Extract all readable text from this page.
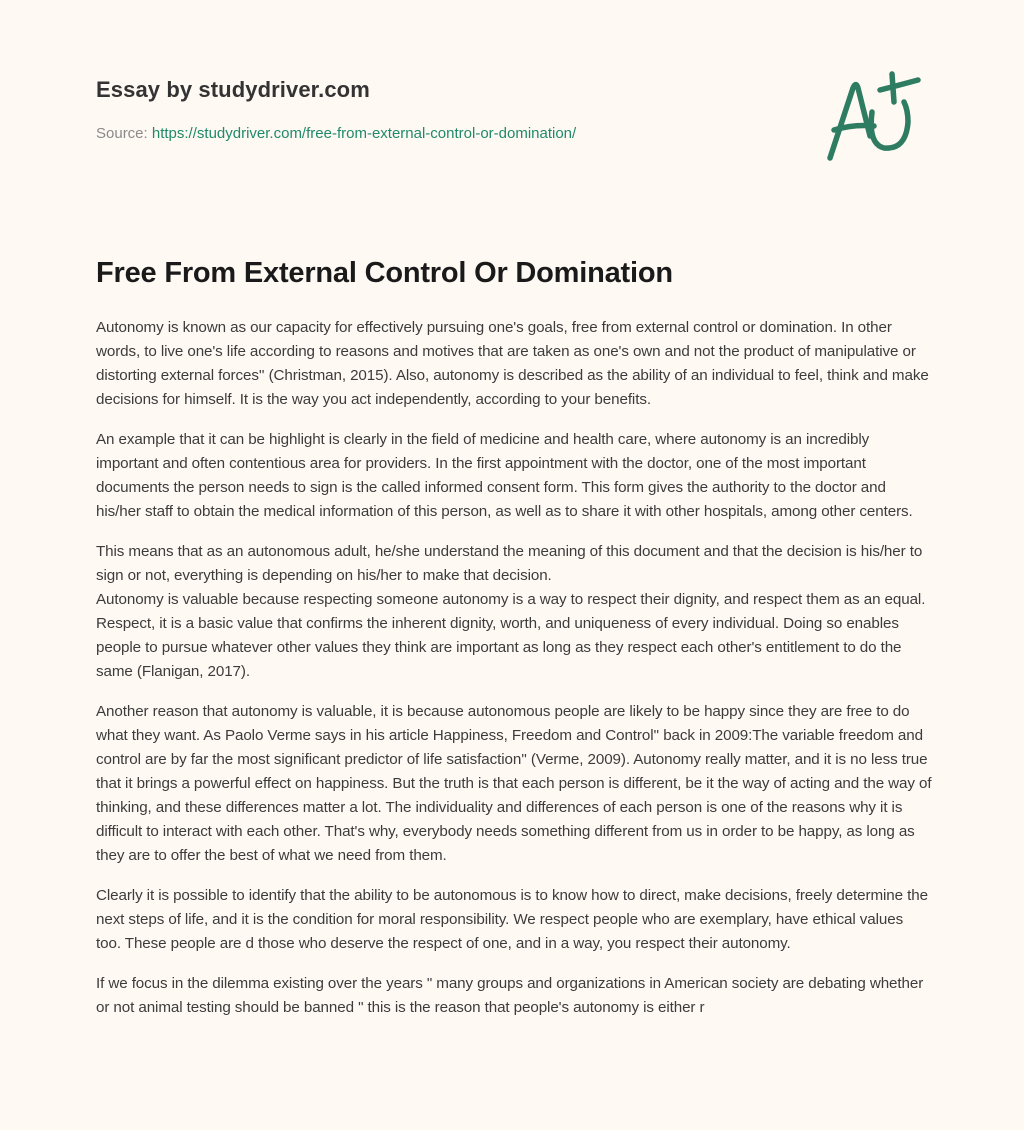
Essay by studydriver.com
Source: https://studydriver.com/free-from-external-control-or-domination/
Free From External Control Or Domination

Autonomy is known as our capacity for effectively pursuing one's goals, free from external control or domination. In other words, to live one's life according to reasons and motives that are taken as one's own and not the product of manipulative or distorting external forces'' (Christman, 2015). Also, autonomy is described as the ability of an individual to feel, think and make decisions for himself. It is the way you act independently, according to your benefits.

An example that it can be highlight is clearly in the field of medicine and health care, where autonomy is an incredibly important and often contentious area for providers. In the first appointment with the doctor, one of the most important documents the person needs to sign is the called informed consent form. This form gives the authority to the doctor and his/her staff to obtain the medical information of this person, as well as to share it with other hospitals, among other centers.

This means that as an autonomous adult, he/she understand the meaning of this document and that the decision is his/her to sign or not, everything is depending on his/her to make that decision.

Autonomy is valuable because respecting someone autonomy is a way to respect their dignity, and respect them as an equal. Respect, it is a basic value that confirms the inherent dignity, worth, and uniqueness of every individual. Doing so enables people to pursue whatever other values they think are important as long as they respect each other's entitlement to do the same (Flanigan, 2017).

Another reason that autonomy is valuable, it is because autonomous people are likely to be happy since they are free to do what they want. As Paolo Verme says in his article Happiness, Freedom and Control'' back in 2009:The variable freedom and control are by far the most significant predictor of life satisfaction'' (Verme, 2009). Autonomy really matter, and it is no less true that it brings a powerful effect on happiness. But the truth is that each person is different, be it the way of acting and the way of thinking, and these differences matter a lot. The individuality and differences of each person is one of the reasons why it is difficult to interact with each other. That's why, everybody needs something different from us in order to be happy, as long as they are to offer the best of what we need from them.

Clearly it is possible to identify that the ability to be autonomous is to know how to direct, make decisions, freely determine the next steps of life, and it is the condition for moral responsibility. We respect people who are exemplary, have ethical values too. These people are d those who deserve the respect of one, and in a way, you respect their autonomy.

If we focus in the dilemma existing over the years " many groups and organizations in American society are debating whether or not animal testing should be banned " this is the reason that people's autonomy is either r
